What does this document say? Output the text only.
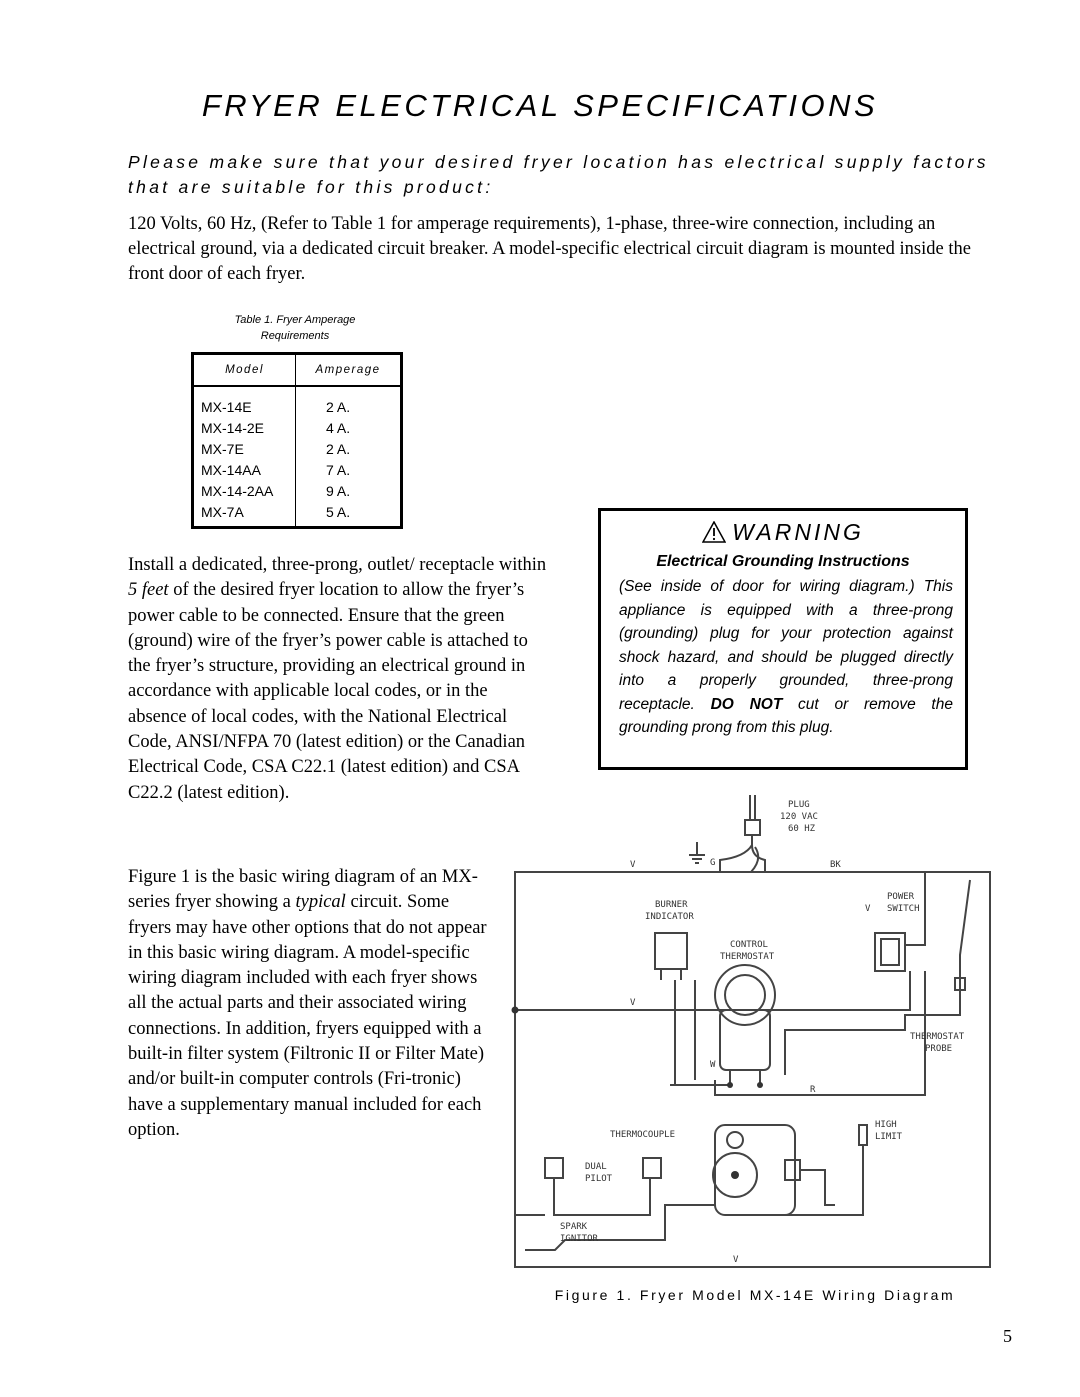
FRYER ELECTRICAL SPECIFICATIONS

Please make sure that your desired fryer location has electrical supply factors that are suitable for this product:

120 Volts, 60 Hz, (Refer to Table 1 for amperage requirements), 1-phase, three-wire connection, including an electrical ground, via a dedicated circuit breaker. A model-specific electrical circuit diagram is mounted inside the front door of each fryer.

Table 1. Fryer Amperage
Requirements
Model	Amperage
MX-14E
MX-14-2E
MX-7E
MX-14AA
MX-14-2AA
MX-7A
2 A.
4 A.
2 A.
7 A.
9 A.
5 A.

Install a dedicated, three-prong, outlet/ receptacle within 5 feet of the desired fryer location to allow the fryer’s power cable to be connected. Ensure that the green (ground) wire of the fryer’s power cable is attached to the fryer’s structure, providing an electrical ground in accordance with applicable local codes, or in the absence of local codes, with the National Electrical Code, ANSI/NFPA 70 (latest edition) or the Canadian Electrical Code, CSA C22.1 (latest edition) and CSA C22.2 (latest edition).

Figure 1 is the basic wiring diagram of an MX-series fryer showing a typical circuit. Some fryers may have other options that do not appear in this basic wiring diagram. A model-specific wiring diagram included with each fryer shows all the actual parts and their associated wiring connections. In addition, fryers equipped with a built-in filter system (Filtronic II or Filter Mate) and/or built-in computer controls (Fri-tronic) have a supplementary manual included for each option.

WARNING
Electrical Grounding Instructions

(See inside of door for wiring diagram.) This appliance is equipped with a three-prong (grounding) plug for your protection against shock hazard, and should be plugged directly into a properly grounded, three-prong receptacle. DO NOT cut or remove the grounding prong from this plug.

PLUG
120 VAC
60 HZ
G	BK
BURNER
INDICATOR
POWER
SWITCH
CONTROL
THERMOSTAT
THERMOSTAT
PROBE
THERMOCOUPLE
HIGH
LIMIT
DUAL
PILOT
SPARK
IGNITOR
V
V
V
V
R
W
Figure 1. Fryer Model MX-14E Wiring Diagram
5
